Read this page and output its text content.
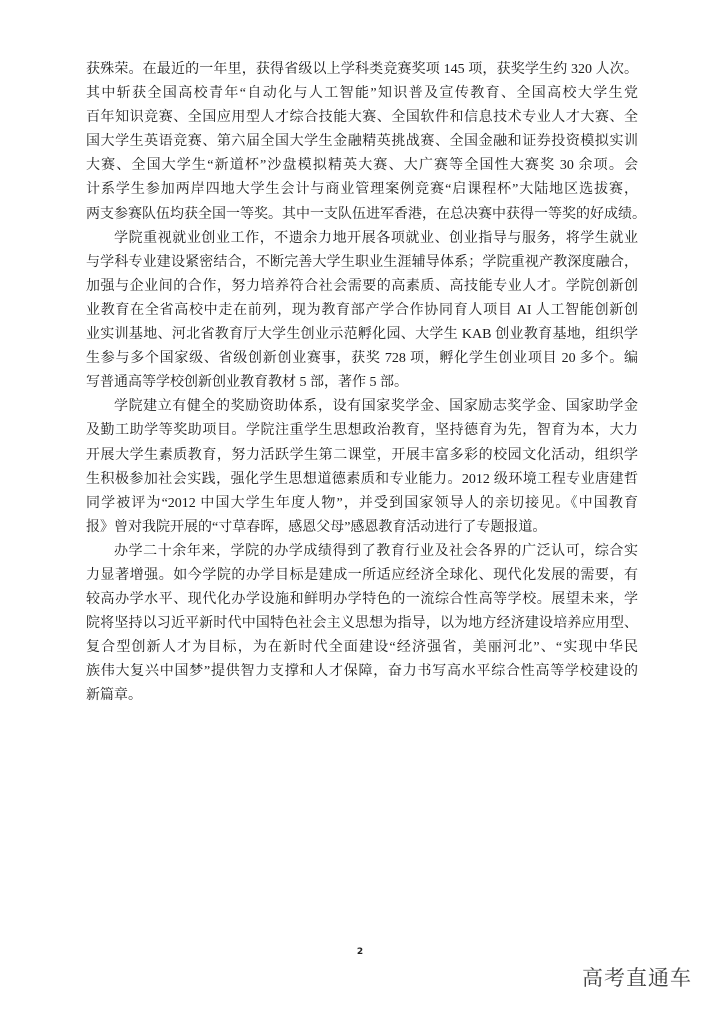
获殊荣。在最近的一年里，获得省级以上学科类竞赛奖项 145 项，获奖学生约 320 人次。
其中斩获全国高校青年“自动化与人工智能”知识普及宣传教育、全国高校大学生党
百年知识竞赛、全国应用型人才综合技能大赛、全国软件和信息技术专业人才大赛、全
国大学生英语竞赛、第六届全国大学生金融精英挑战赛、全国金融和证券投资模拟实训
大赛、全国大学生“新道杯”沙盘模拟精英大赛、大广赛等全国性大赛奖 30 余项。会
计系学生参加两岸四地大学生会计与商业管理案例竞赛“启课程杯”大陆地区选拔赛，
两支参赛队伍均获全国一等奖。其中一支队伍进军香港，在总决赛中获得一等奖的好成绩。
学院重视就业创业工作，不遗余力地开展各项就业、创业指导与服务，将学生就业
与学科专业建设紧密结合，不断完善大学生职业生涯辅导体系；学院重视产教深度融合，
加强与企业间的合作，努力培养符合社会需要的高素质、高技能专业人才。学院创新创
业教育在全省高校中走在前列，现为教育部产学合作协同育人项目 AI 人工智能创新创
业实训基地、河北省教育厅大学生创业示范孵化园、大学生 KAB 创业教育基地，组织学
生参与多个国家级、省级创新创业赛事，获奖 728 项，孵化学生创业项目 20 多个。编
写普通高等学校创新创业教育教材 5 部，著作 5 部。
学院建立有健全的奖励资助体系，设有国家奖学金、国家励志奖学金、国家助学金
及勤工助学等奖助项目。学院注重学生思想政治教育，坚持德育为先，智育为本，大力
开展大学生素质教育，努力活跃学生第二课堂，开展丰富多彩的校园文化活动，组织学
生积极参加社会实践，强化学生思想道德素质和专业能力。2012 级环境工程专业唐建哲
同学被评为“2012 中国大学生年度人物”，并受到国家领导人的亲切接见。《中国教育
报》曾对我院开展的“寸草春晖，感恩父母”感恩教育活动进行了专题报道。
办学二十余年来，学院的办学成绩得到了教育行业及社会各界的广泛认可，综合实
力显著增强。如今学院的办学目标是建成一所适应经济全球化、现代化发展的需要，有
较高办学水平、现代化办学设施和鲜明办学特色的一流综合性高等学校。展望未来，学
院将坚持以习近平新时代中国特色社会主义思想为指导，以为地方经济建设培养应用型、
复合型创新人才为目标，为在新时代全面建设“经济强省，美丽河北”、“实现中华民
族伟大复兴中国梦”提供智力支撑和人才保障，奋力书写高水平综合性高等学校建设的
新篇章。
2
高考直通车
